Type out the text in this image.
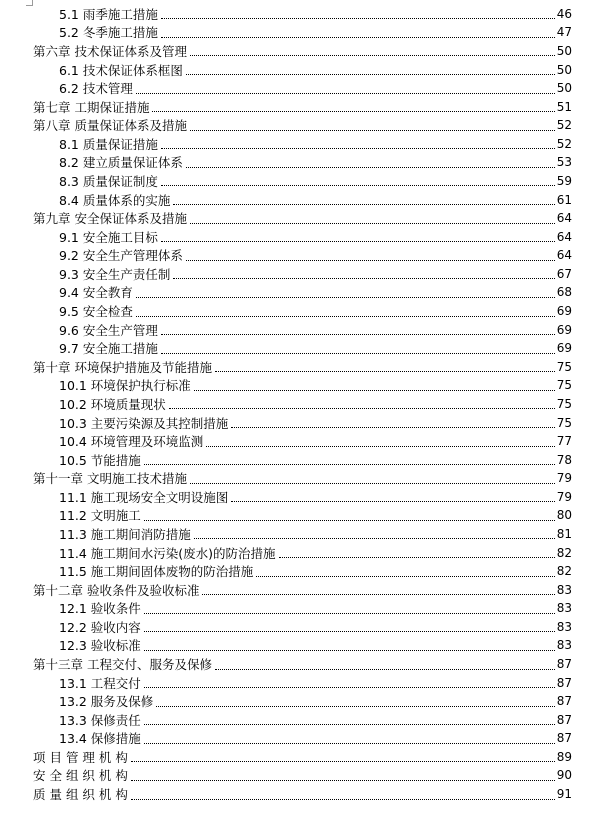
5.1 雨季施工措施	46
5.2 冬季施工措施	47
第六章 技术保证体系及管理	50
6.1 技术保证体系框图	50
6.2 技术管理	50
第七章 工期保证措施	51
第八章 质量保证体系及措施	52
8.1 质量保证措施	52
8.2 建立质量保证体系	53
8.3 质量保证制度	59
8.4 质量体系的实施	61
第九章 安全保证体系及措施	64
9.1 安全施工目标	64
9.2 安全生产管理体系	64
9.3 安全生产责任制	67
9.4 安全教育	68
9.5 安全检查	69
9.6 安全生产管理	69
9.7 安全施工措施	69
第十章 环境保护措施及节能措施	75
10.1 环境保护执行标准	75
10.2 环境质量现状	75
10.3 主要污染源及其控制措施	75
10.4 环境管理及环境监测	77
10.5 节能措施	78
第十一章 文明施工技术措施	79
11.1 施工现场安全文明设施图	79
11.2 文明施工	80
11.3 施工期间消防措施	81
11.4 施工期间水污染(废水)的防治措施	82
11.5 施工期间固体废物的防治措施	82
第十二章 验收条件及验收标准	83
12.1 验收条件	83
12.2 验收内容	83
12.3 验收标准	83
第十三章 工程交付、服务及保修	87
13.1 工程交付	87
13.2 服务及保修	87
13.3 保修责任	87
13.4 保修措施	87
项 目 管 理 机 构	89
安 全 组 织 机 构	90
质 量 组 织 机 构	91
